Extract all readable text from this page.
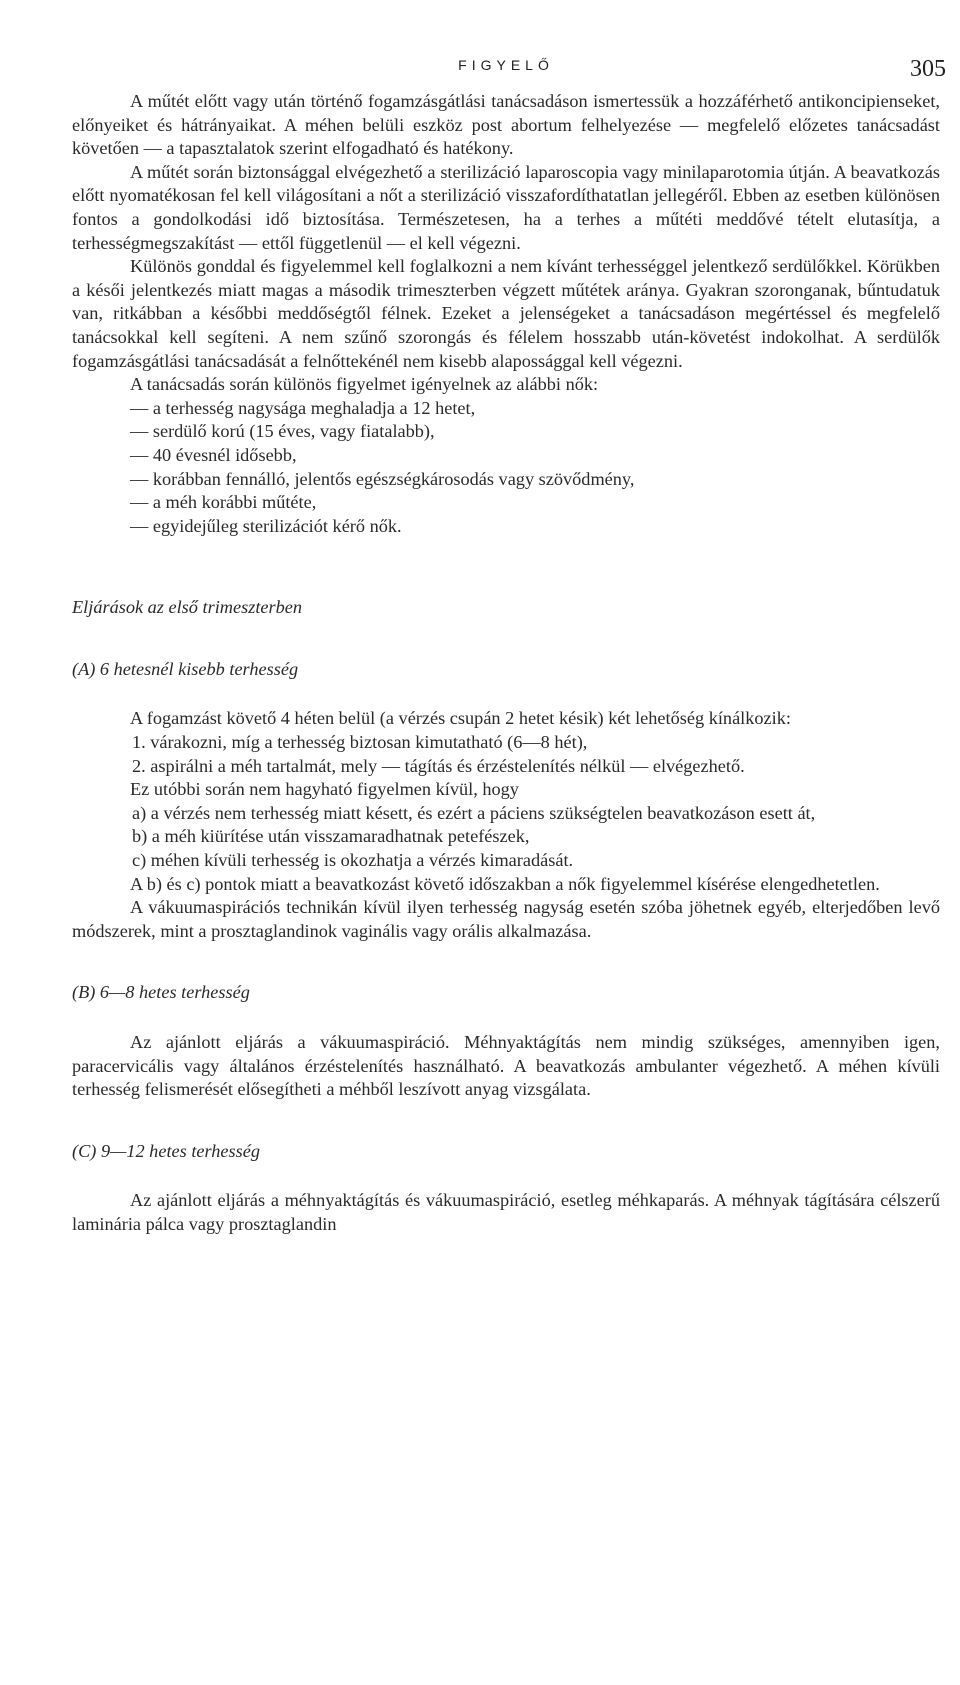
FIGYELŐ	305

A műtét előtt vagy után történő fogamzásgátlási tanácsadáson ismertessük a hozzáférhető antikoncipienseket, előnyeiket és hátrányaikat. A méhen belüli eszköz post abortum felhelyezése — megfelelő előzetes tanácsadást követően — a tapasztalatok szerint elfogadható és hatékony.

A műtét során biztonsággal elvégezhető a sterilizáció laparoscopia vagy minilaparotomia útján. A beavatkozás előtt nyomatékosan fel kell világosítani a nőt a sterilizáció visszafordíthatatlan jellegéről. Ebben az esetben különösen fontos a gondolkodási idő biztosítása. Természetesen, ha a terhes a műtéti meddővé tételt elutasítja, a terhességmegszakítást — ettől függetlenül — el kell végezni.

Különös gonddal és figyelemmel kell foglalkozni a nem kívánt terhességgel jelentkező serdülőkkel. Körükben a késői jelentkezés miatt magas a második trimeszterben végzett műtétek aránya. Gyakran szoronganak, bűntudatuk van, ritkábban a későbbi meddőségtől félnek. Ezeket a jelenségeket a tanácsadáson megértéssel és megfelelő tanácsokkal kell segíteni. A nem szűnő szorongás és félelem hosszabb után-követést indokolhat. A serdülők fogamzásgátlási tanácsadását a felnőttekénél nem kisebb alapossággal kell végezni.

A tanácsadás során különös figyelmet igényelnek az alábbi nők:

— a terhesség nagysága meghaladja a 12 hetet,
— serdülő korú (15 éves, vagy fiatalabb),
— 40 évesnél idősebb,
— korábban fennálló, jelentős egészségkárosodás vagy szövődmény,
— a méh korábbi műtéte,
— egyidejűleg sterilizációt kérő nők.
Eljárások az első trimeszterben
(A) 6 hetesnél kisebb terhesség

A fogamzást követő 4 héten belül (a vérzés csupán 2 hetet késik) két lehetőség kínálkozik:

1. várakozni, míg a terhesség biztosan kimutatható (6—8 hét),
2. aspirálni a méh tartalmát, mely — tágítás és érzéstelenítés nélkül — elvégezhető.

Ez utóbbi során nem hagyható figyelmen kívül, hogy

a) a vérzés nem terhesség miatt késett, és ezért a páciens szükségtelen beavatkozáson esett át,
b) a méh kiürítése után visszamaradhatnak petefészek,
c) méhen kívüli terhesség is okozhatja a vérzés kimaradását.

A b) és c) pontok miatt a beavatkozást követő időszakban a nők figyelemmel kísérése elengedhetetlen.

A vákuumaspirációs technikán kívül ilyen terhesség nagyság esetén szóba jöhetnek egyéb, elterjedőben levő módszerek, mint a prosztaglandinok vaginális vagy orális alkalmazása.

(B) 6—8 hetes terhesség

Az ajánlott eljárás a vákuumaspiráció. Méhnyaktágítás nem mindig szükséges, amennyiben igen, paracervicális vagy általános érzéstelenítés használható. A beavatkozás ambulanter végezhető. A méhen kívüli terhesség felismerését elősegítheti a méhből leszívott anyag vizsgálata.

(C) 9—12 hetes terhesség

Az ajánlott eljárás a méhnyaktágítás és vákuumaspiráció, esetleg méhkaparás. A méhnyak tágítására célszerű laminária pálca vagy prosztaglandin
